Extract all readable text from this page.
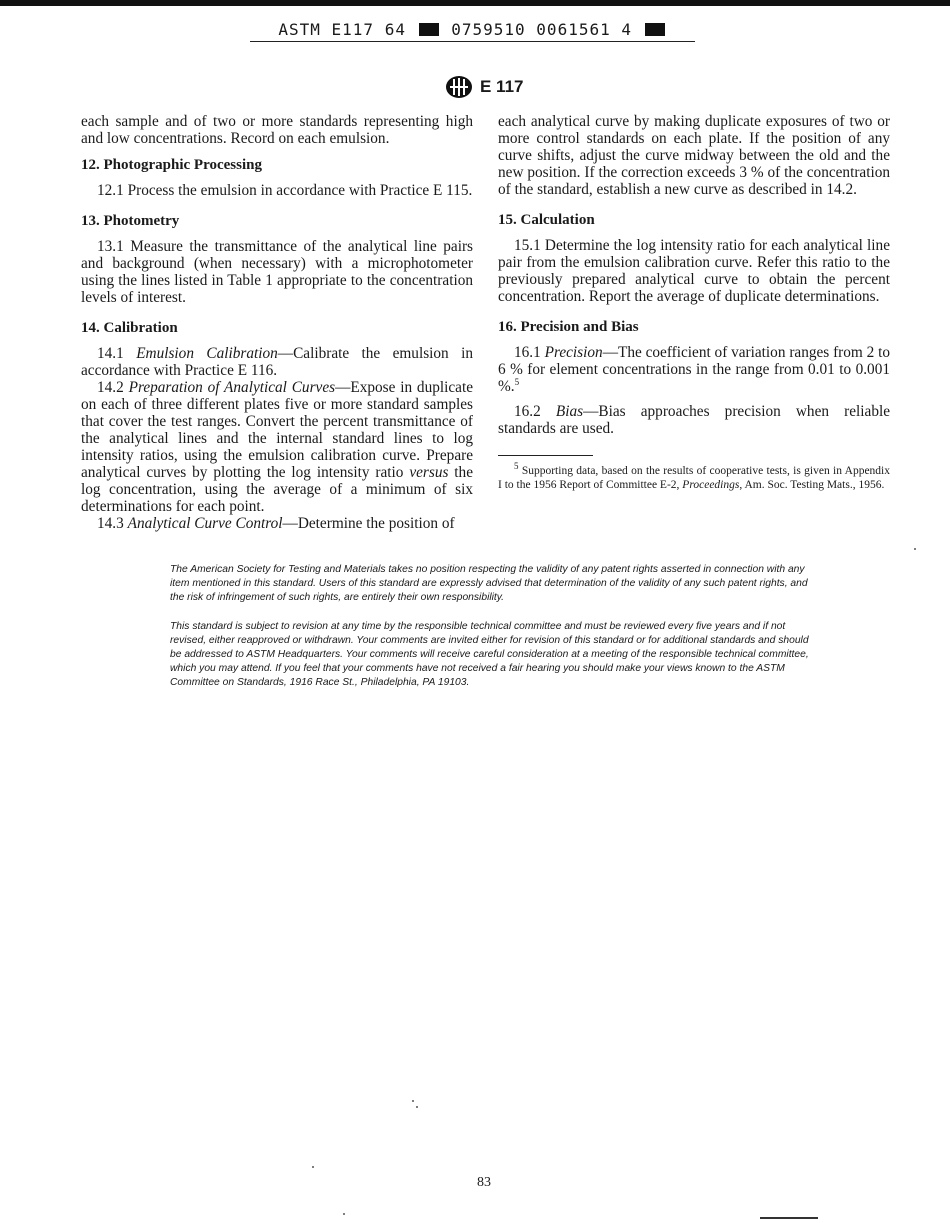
ASTM E117 64	0759510 0061561 4
E 117

each sample and of two or more standards representing high and low concentrations. Record on each emulsion.

12. Photographic Processing

12.1 Process the emulsion in accordance with Practice E 115.

13. Photometry

13.1 Measure the transmittance of the analytical line pairs and background (when necessary) with a microphotometer using the lines listed in Table 1 appropriate to the concentration levels of interest.

14. Calibration

14.1 Emulsion Calibration—Calibrate the emulsion in accordance with Practice E 116.

14.2 Preparation of Analytical Curves—Expose in duplicate on each of three different plates five or more standard samples that cover the test ranges. Convert the percent transmittance of the analytical lines and the internal standard lines to log intensity ratios, using the emulsion calibration curve. Prepare analytical curves by plotting the log intensity ratio versus the log concentration, using the average of a minimum of six determinations for each point.

14.3 Analytical Curve Control—Determine the position of

each analytical curve by making duplicate exposures of two or more control standards on each plate. If the position of any curve shifts, adjust the curve midway between the old and the new position. If the correction exceeds 3 % of the concentration of the standard, establish a new curve as described in 14.2.

15. Calculation

15.1 Determine the log intensity ratio for each analytical line pair from the emulsion calibration curve. Refer this ratio to the previously prepared analytical curve to obtain the percent concentration. Report the average of duplicate determinations.

16. Precision and Bias

16.1 Precision—The coefficient of variation ranges from 2 to 6 % for element concentrations in the range from 0.01 to 0.001 %.$^5$

16.2 Bias—Bias approaches precision when reliable standards are used.

$^5$ Supporting data, based on the results of cooperative tests, is given in Appendix I to the 1956 Report of Committee E-2, Proceedings, Am. Soc. Testing Mats., 1956.

The American Society for Testing and Materials takes no position respecting the validity of any patent rights asserted in connection with any item mentioned in this standard. Users of this standard are expressly advised that determination of the validity of any such patent rights, and the risk of infringement of such rights, are entirely their own responsibility.

This standard is subject to revision at any time by the responsible technical committee and must be reviewed every five years and if not revised, either reapproved or withdrawn. Your comments are invited either for revision of this standard or for additional standards and should be addressed to ASTM Headquarters. Your comments will receive careful consideration at a meeting of the responsible technical committee, which you may attend. If you feel that your comments have not received a fair hearing you should make your views known to the ASTM Committee on Standards, 1916 Race St., Philadelphia, PA 19103.

83
